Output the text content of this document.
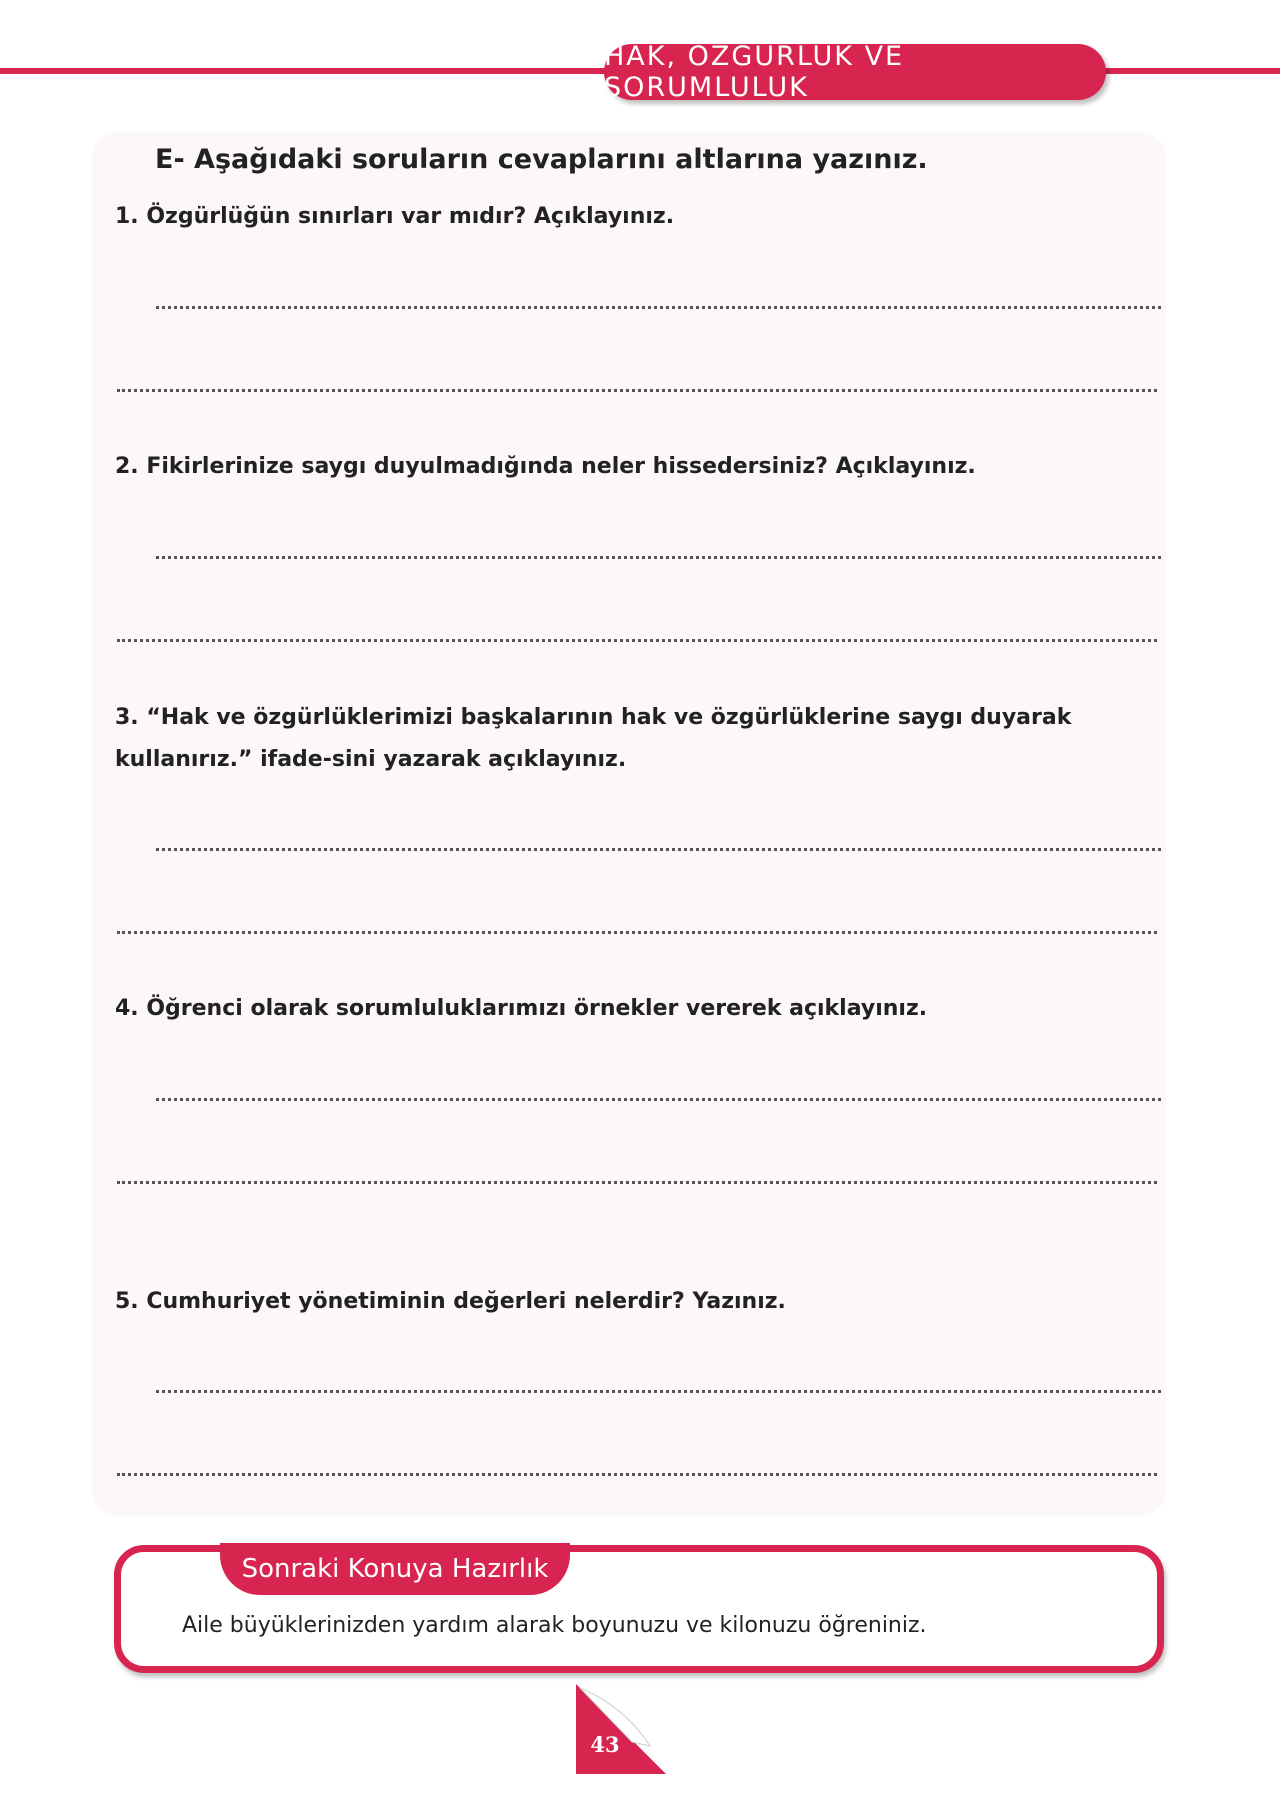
HAK, ÖZGÜRLÜK VE SORUMLULUK
E- Aşağıdaki soruların cevaplarını altlarına yazınız.
1. Özgürlüğün sınırları var mıdır? Açıklayınız.
2. Fikirlerinize saygı duyulmadığında neler hissedersiniz? Açıklayınız.
3. “Hak ve özgürlüklerimizi başkalarının hak ve özgürlüklerine saygı duyarak kullanırız.” ifade-sini yazarak açıklayınız.
4. Öğrenci olarak sorumluluklarımızı örnekler vererek açıklayınız.
5. Cumhuriyet yönetiminin değerleri nelerdir? Yazınız.
Sonraki Konuya Hazırlık
Aile büyüklerinizden yardım alarak boyunuzu ve kilonuzu öğreniniz.
43
